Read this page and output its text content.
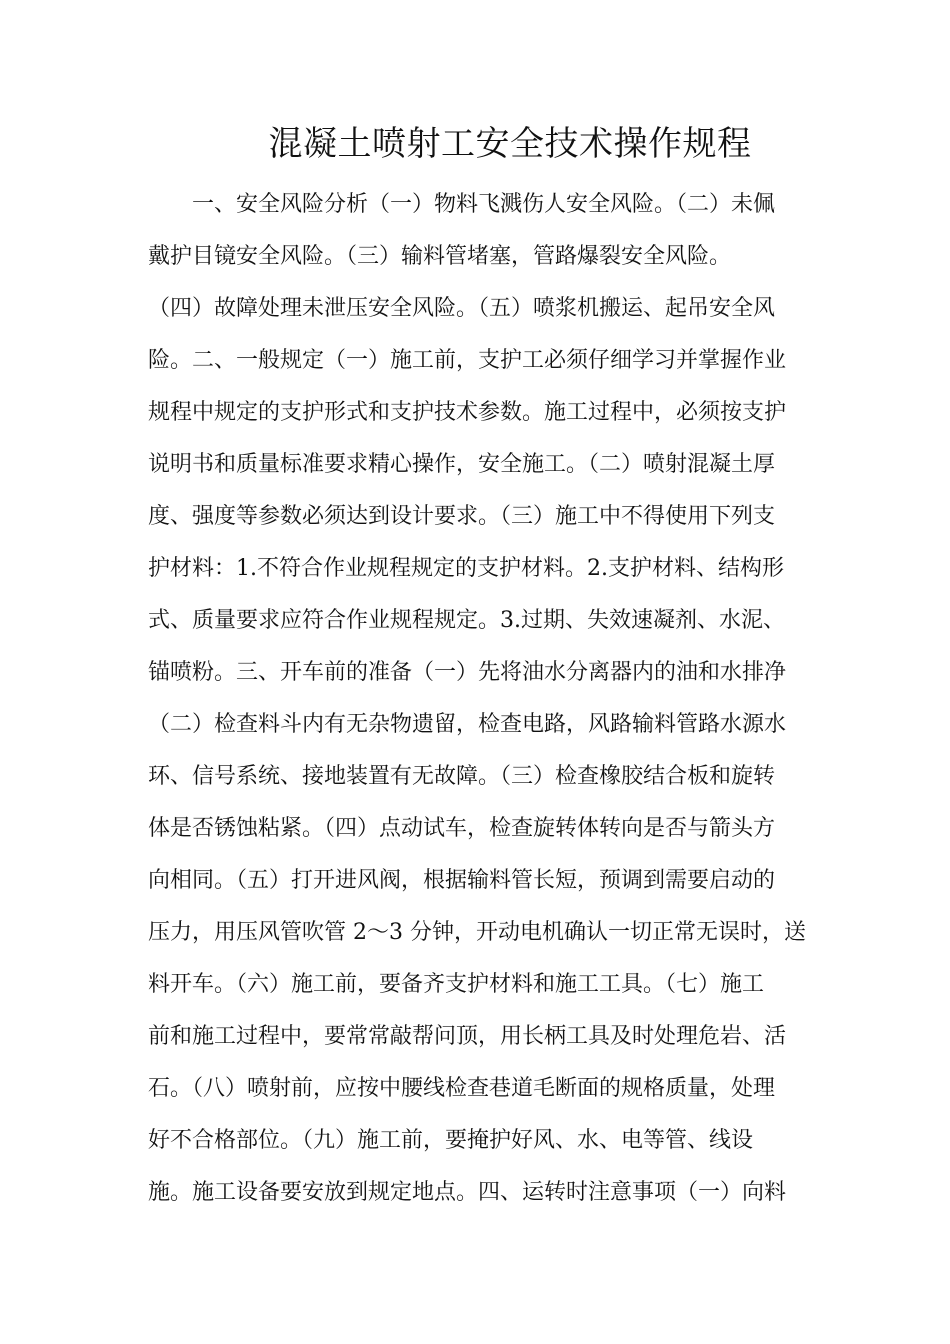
混凝土喷射工安全技术操作规程
一、安全风险分析（一）物料飞溅伤人安全风险。（二）未佩
戴护目镜安全风险。（三）输料管堵塞，管路爆裂安全风险。
（四）故障处理未泄压安全风险。（五）喷浆机搬运、起吊安全风
险。二、一般规定（一）施工前，支护工必须仔细学习并掌握作业
规程中规定的支护形式和支护技术参数。施工过程中，必须按支护
说明书和质量标准要求精心操作，安全施工。（二）喷射混凝土厚
度、强度等参数必须达到设计要求。（三）施工中不得使用下列支
护材料：1.不符合作业规程规定的支护材料。2.支护材料、结构形
式、质量要求应符合作业规程规定。3.过期、失效速凝剂、水泥、
锚喷粉。三、开车前的准备（一）先将油水分离器内的油和水排净
（二）检查料斗内有无杂物遗留，检查电路，风路输料管路水源水
环、信号系统、接地装置有无故障。（三）检查橡胶结合板和旋转
体是否锈蚀粘紧。（四）点动试车，检查旋转体转向是否与箭头方
向相同。（五）打开进风阀，根据输料管长短，预调到需要启动的
压力，用压风管吹管 2～3 分钟，开动电机确认一切正常无误时，送
料开车。（六）施工前，要备齐支护材料和施工工具。（七）施工
前和施工过程中，要常常敲帮问顶，用长柄工具及时处理危岩、活
石。（八）喷射前，应按中腰线检查巷道毛断面的规格质量，处理
好不合格部位。（九）施工前，要掩护好风、水、电等管、线设
施。施工设备要安放到规定地点。四、运转时注意事项（一）向料
